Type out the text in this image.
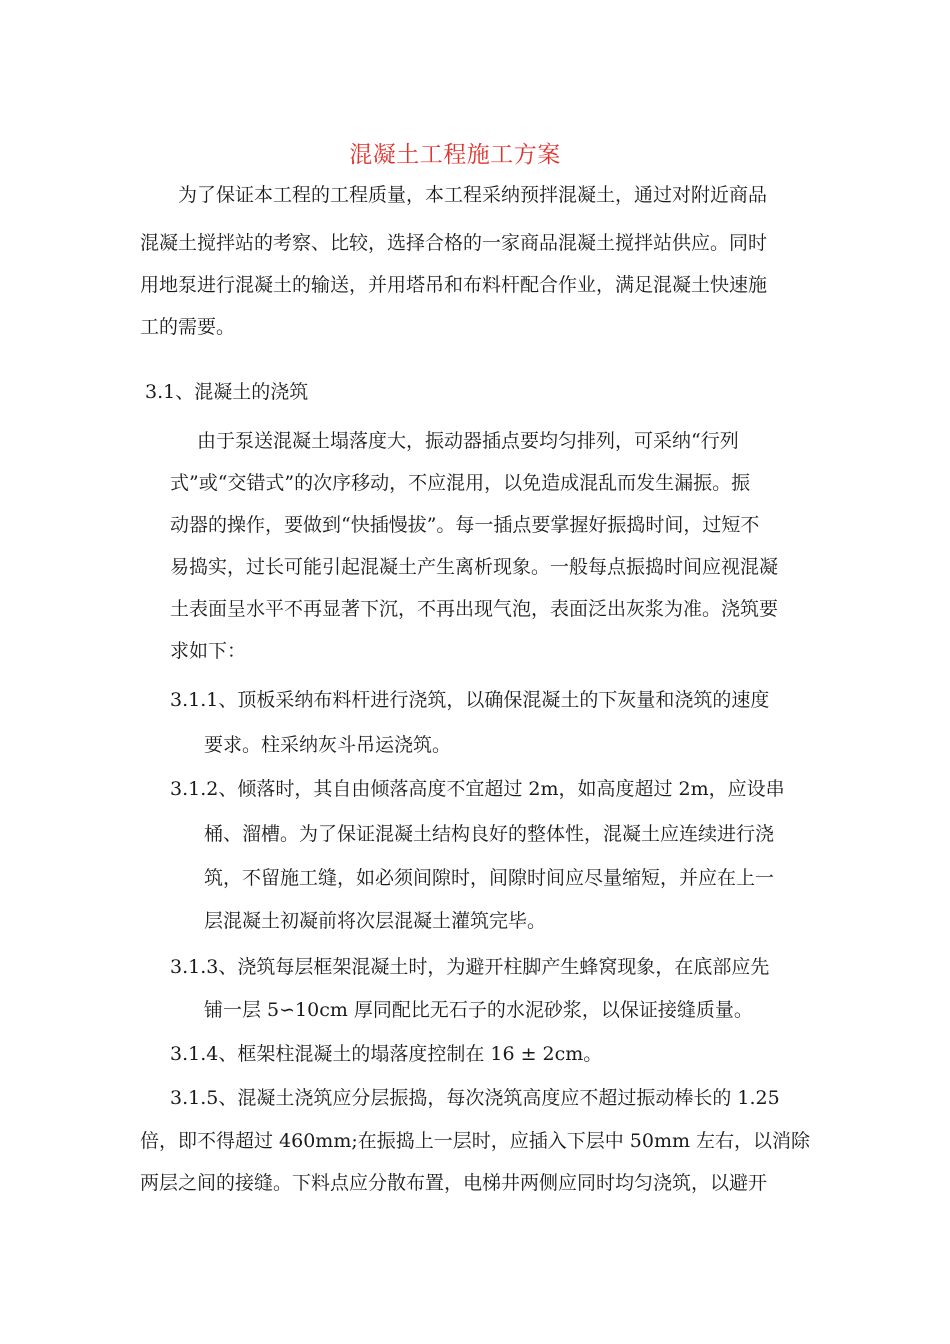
混凝土工程施工方案
为了保证本工程的工程质量，本工程采纳预拌混凝土，通过对附近商品
混凝土搅拌站的考察、比较，选择合格的一家商品混凝土搅拌站供应。同时
用地泵进行混凝土的输送，并用塔吊和布料杆配合作业，满足混凝土快速施
工的需要。
3.1、混凝土的浇筑
由于泵送混凝土塌落度大，振动器插点要均匀排列，可采纳“行列
式”或“交错式”的次序移动，不应混用，以免造成混乱而发生漏振。振
动器的操作，要做到“快插慢拔”。每一插点要掌握好振捣时间，过短不
易捣实，过长可能引起混凝土产生离析现象。一般每点振捣时间应视混凝
土表面呈水平不再显著下沉，不再出现气泡，表面泛出灰浆为准。浇筑要
求如下：
3.1.1、顶板采纳布料杆进行浇筑，以确保混凝土的下灰量和浇筑的速度
要求。柱采纳灰斗吊运浇筑。
3.1.2、倾落时，其自由倾落高度不宜超过 2m，如高度超过 2m，应设串
桶、溜槽。为了保证混凝土结构良好的整体性，混凝土应连续进行浇
筑，不留施工缝，如必须间隙时，间隙时间应尽量缩短，并应在上一
层混凝土初凝前将次层混凝土灌筑完毕。
3.1.3、浇筑每层框架混凝土时，为避开柱脚产生蜂窝现象，在底部应先
铺一层 5∽10cm 厚同配比无石子的水泥砂浆，以保证接缝质量。
3.1.4、框架柱混凝土的塌落度控制在 16 ± 2cm。
3.1.5、混凝土浇筑应分层振捣，每次浇筑高度应不超过振动棒长的 1.25
倍，即不得超过 460mm;在振捣上一层时，应插入下层中 50mm 左右，以消除
两层之间的接缝。下料点应分散布置，电梯井两侧应同时均匀浇筑，以避开
